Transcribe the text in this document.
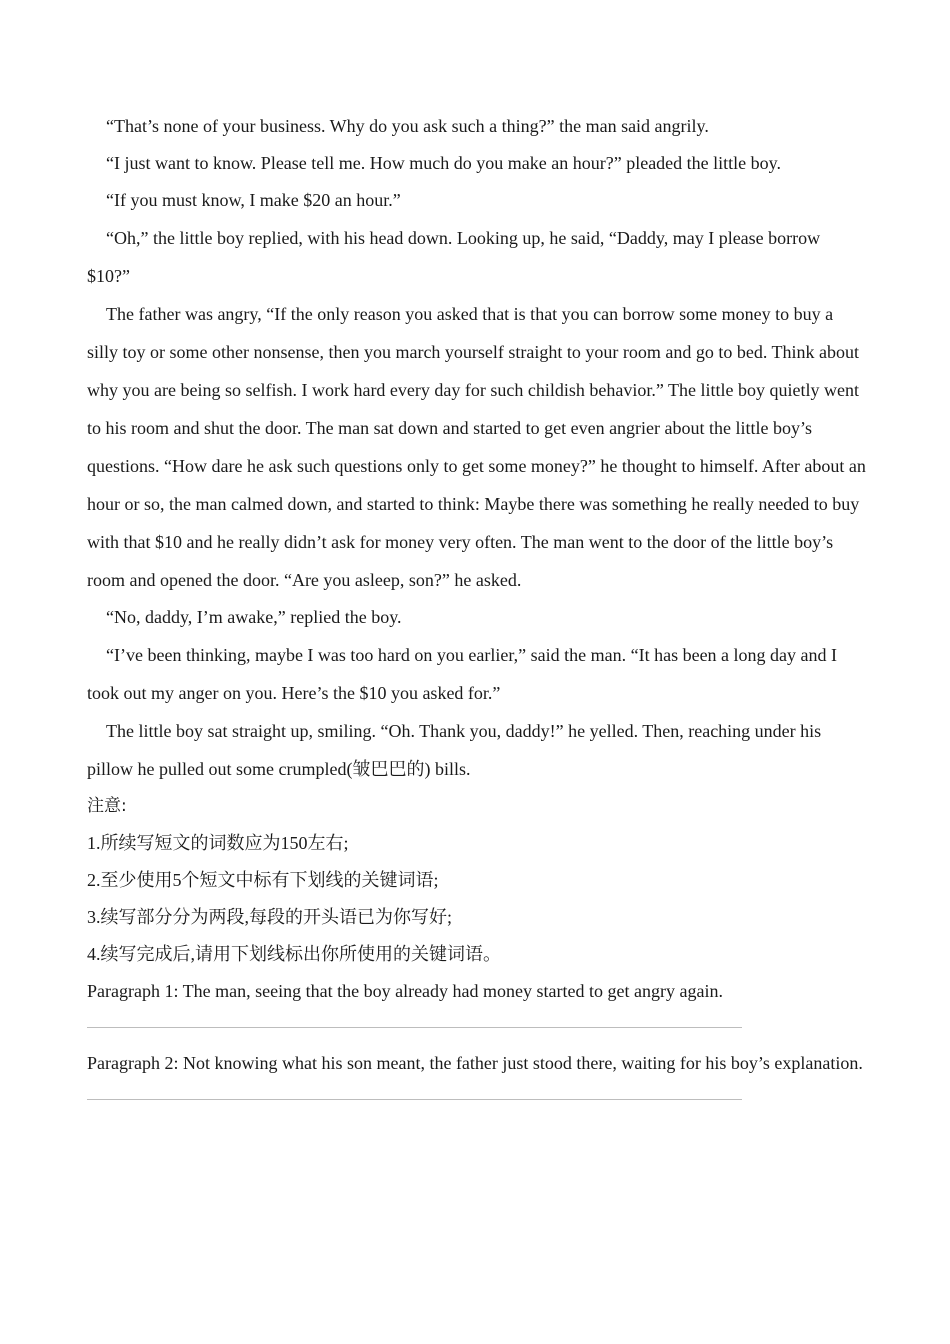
“That’s none of your business. Why do you ask such a thing?” the man said angrily.

“I just want to know. Please tell me. How much do you make an hour?” pleaded the little boy.

“If you must know, I make $20 an hour.”

“Oh,” the little boy replied, with his head down. Looking up, he said, “Daddy, may I please borrow $10?”

The father was angry, “If the only reason you asked that is that you can borrow some money to buy a silly toy or some other nonsense, then you march yourself straight to your room and go to bed. Think about why you are being so selfish. I work hard every day for such childish behavior.” The little boy quietly went to his room and shut the door. The man sat down and started to get even angrier about the little boy’s questions. “How dare he ask such questions only to get some money?” he thought to himself. After about an hour or so, the man calmed down, and started to think: Maybe there was something he really needed to buy with that $10 and he really didn’t ask for money very often. The man went to the door of the little boy’s room and opened the door. “Are you asleep, son?” he asked.

“No, daddy, I’m awake,” replied the boy.

“I’ve been thinking, maybe I was too hard on you earlier,” said the man. “It has been a long day and I took out my anger on you. Here’s the $10 you asked for.”

The little boy sat straight up, smiling. “Oh. Thank you, daddy!” he yelled. Then, reaching under his pillow he pulled out some crumpled(皱巴巴的) bills.

注意:

1.所续写短文的词数应为150左右;

2.至少使用5个短文中标有下划线的关键词语;

3.续写部分分为两段,每段的开头语已为你写好;

4.续写完成后,请用下划线标出你所使用的关键词语。

Paragraph 1: The man, seeing that the boy already had money started to get angry again.

Paragraph 2: Not knowing what his son meant, the father just stood there, waiting for his boy’s explanation.
